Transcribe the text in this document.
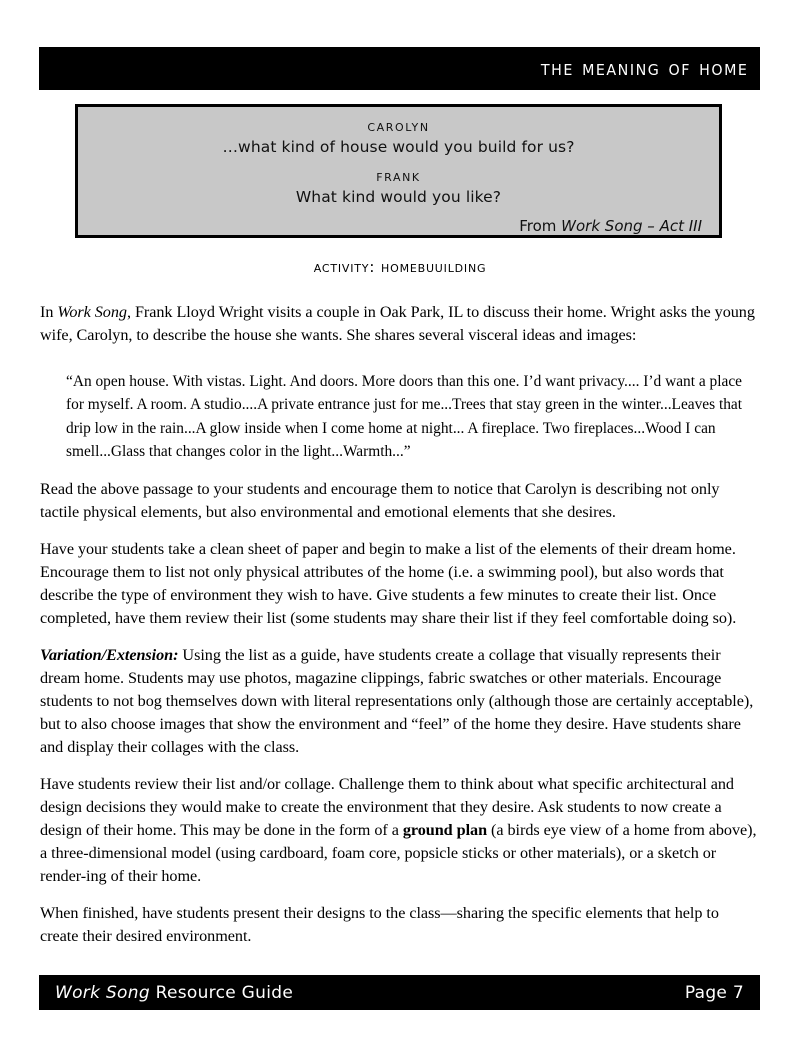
the meaning of home
carolyn
…what kind of house would you build for us?
frank
What kind would you like?
From Work Song – Act III
activity: homebuuilding

In Work Song, Frank Lloyd Wright visits a couple in Oak Park, IL to discuss their home. Wright asks the young wife, Carolyn, to describe the house she wants. She shares several visceral ideas and images:

“An open house. With vistas. Light. And doors. More doors than this one. I’d want privacy.... I’d want a place for myself. A room. A studio....A private entrance just for me...Trees that stay green in the winter...Leaves that drip low in the rain...A glow inside when I come home at night... A fireplace. Two fireplaces...Wood I can smell...Glass that changes color in the light...Warmth...”

Read the above passage to your students and encourage them to notice that Carolyn is describing not only tactile physical elements, but also environmental and emotional elements that she desires.

Have your students take a clean sheet of paper and begin to make a list of the elements of their dream home. Encourage them to list not only physical attributes of the home (i.e. a swimming pool), but also words that describe the type of environment they wish to have. Give students a few minutes to create their list. Once completed, have them review their list (some students may share their list if they feel comfortable doing so).

Variation/Extension: Using the list as a guide, have students create a collage that visually represents their dream home. Students may use photos, magazine clippings, fabric swatches or other materials. Encourage students to not bog themselves down with literal representations only (although those are certainly acceptable), but to also choose images that show the environment and “feel” of the home they desire. Have students share and display their collages with the class.

Have students review their list and/or collage. Challenge them to think about what specific architectural and design decisions they would make to create the environment that they desire. Ask students to now create a design of their home. This may be done in the form of a ground plan (a birds eye view of a home from above), a three-dimensional model (using cardboard, foam core, popsicle sticks or other materials), or a sketch or render-ing of their home.

When finished, have students present their designs to the class—sharing the specific elements that help to create their desired environment.

Work Song Resource Guide	Page 7
